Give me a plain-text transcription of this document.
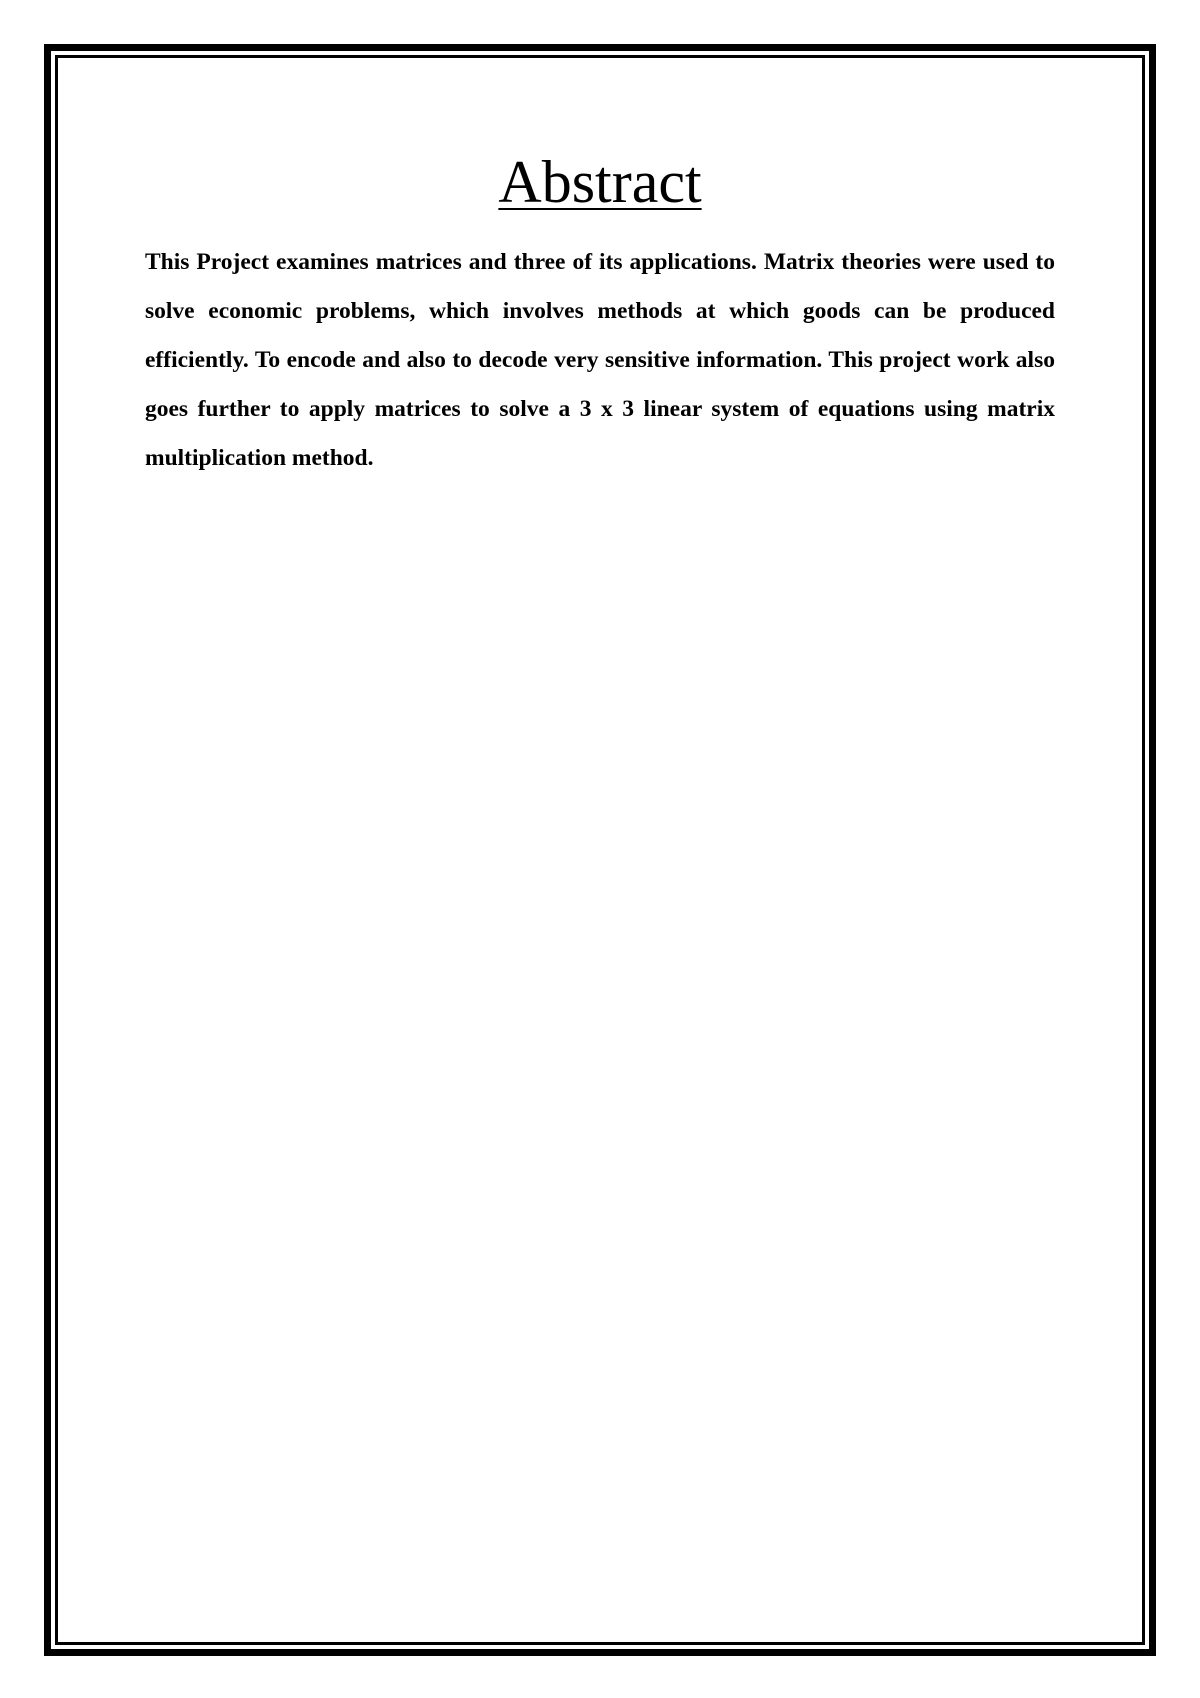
Abstract

This Project examines matrices and three of its applications. Matrix theories were used to solve economic problems, which involves methods at which goods can be produced efficiently. To encode and also to decode very sensitive information. This project work also goes further to apply matrices to solve a 3 x 3 linear system of equations using matrix multiplication method.
